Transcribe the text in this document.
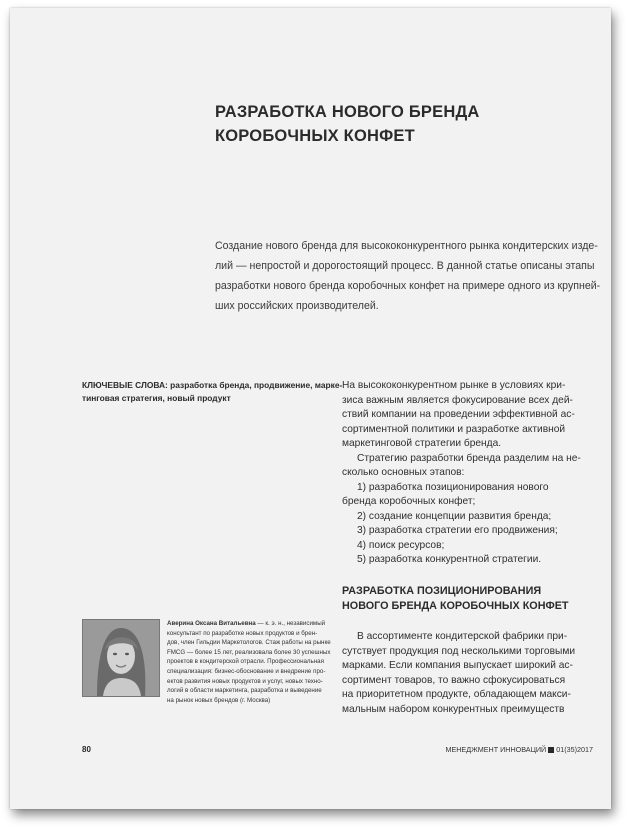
РАЗРАБОТКА НОВОГО БРЕНДА
КОРОБОЧНЫХ КОНФЕТ
Создание нового бренда для высококонкурентного рынка кондитерских изде-
лий — непростой и дорогостоящий процесс. В данной статье описаны этапы
разработки нового бренда коробочных конфет на примере одного из крупней-
ших российских производителей.
КЛЮЧЕВЫЕ СЛОВА: разработка бренда, продвижение, марке-
тинговая стратегия, новый продукт
На высококонкурентном рынке в условиях кри-
зиса важным является фокусирование всех дей-
ствий компании на проведении эффективной ас-
сортиментной политики и разработке активной
маркетинговой стратегии бренда.
Стратегию разработки бренда разделим на не-
сколько основных этапов:
1) разработка позиционирования нового
бренда коробочных конфет;
2) создание концепции развития бренда;
3) разработка стратегии его продвижения;
4) поиск ресурсов;
5) разработка конкурентной стратегии.
РАЗРАБОТКА ПОЗИЦИОНИРОВАНИЯ
НОВОГО БРЕНДА КОРОБОЧНЫХ КОНФЕТ
В ассортименте кондитерской фабрики при-
сутствует продукция под несколькими торговыми
марками. Если компания выпускает широкий ас-
сортимент товаров, то важно сфокусироваться
на приоритетном продукте, обладающем макси-
мальным набором конкурентных преимуществ
Аверина Оксана Витальевна — к. э. н., независимый
консультант по разработке новых продуктов и брен-
дов, член Гильдии Маркетологов. Стаж работы на рынке
FMCG — более 15 лет, реализовала более 30 успешных
проектов в кондитерской отрасли. Профессиональная
специализация: бизнес-обоснование и внедрение про-
ектов развития новых продуктов и услуг, новых техно-
логий в области маркетинга, разработка и выведение
на рынок новых брендов (г. Москва)
80	МЕНЕДЖМЕНТ ИННОВАЦИЙ 01(35)2017
